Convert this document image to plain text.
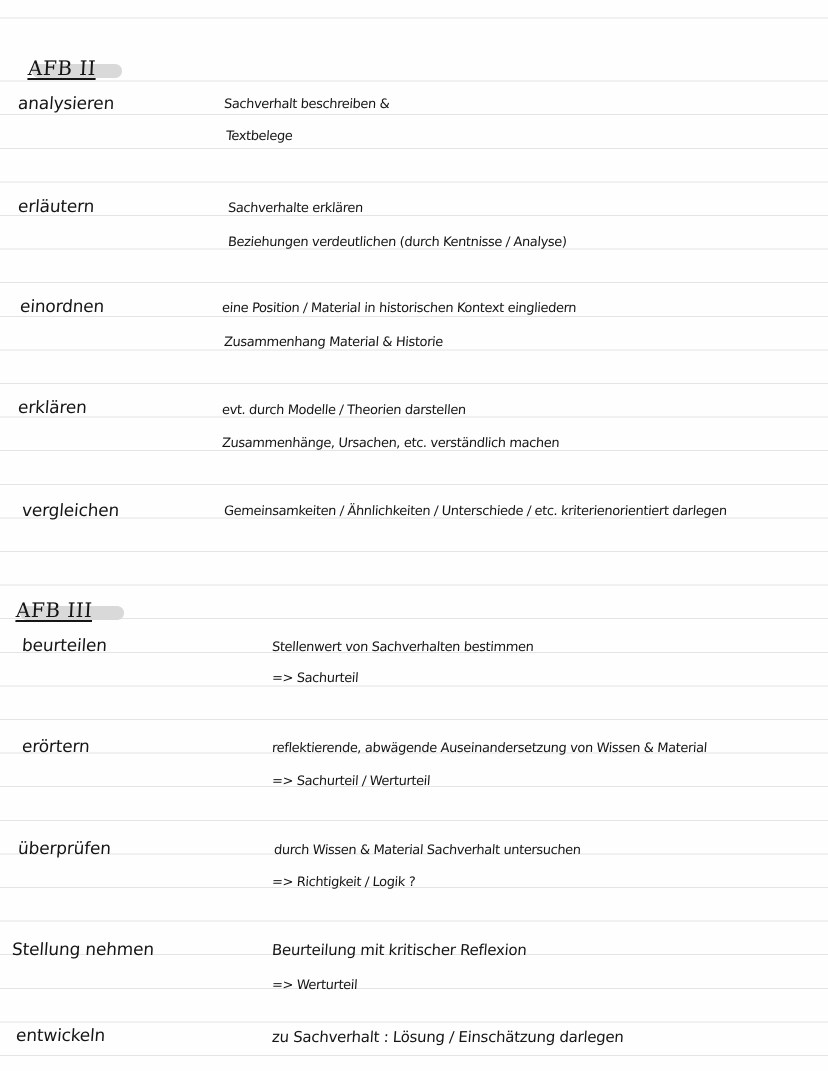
AFB II
analysieren	Sachverhalt beschreiben &
Textbelege
erläutern	Sachverhalte erklären
Beziehungen verdeutlichen (durch Kentnisse / Analyse)
einordnen	eine Position / Material in historischen Kontext eingliedern
Zusammenhang Material & Historie
erklären	evt. durch Modelle / Theorien darstellen
Zusammenhänge, Ursachen, etc. verständlich machen
vergleichen	Gemeinsamkeiten / Ähnlichkeiten / Unterschiede / etc. kriterienorientiert darlegen
AFB III
beurteilen	Stellenwert von Sachverhalten bestimmen
=> Sachurteil
erörtern	reflektierende, abwägende Auseinandersetzung von Wissen & Material
=> Sachurteil / Werturteil
überprüfen	durch Wissen & Material Sachverhalt untersuchen
=> Richtigkeit / Logik ?
Stellung nehmen	Beurteilung mit kritischer Reflexion
=> Werturteil
entwickeln	zu Sachverhalt : Lösung / Einschätzung darlegen
